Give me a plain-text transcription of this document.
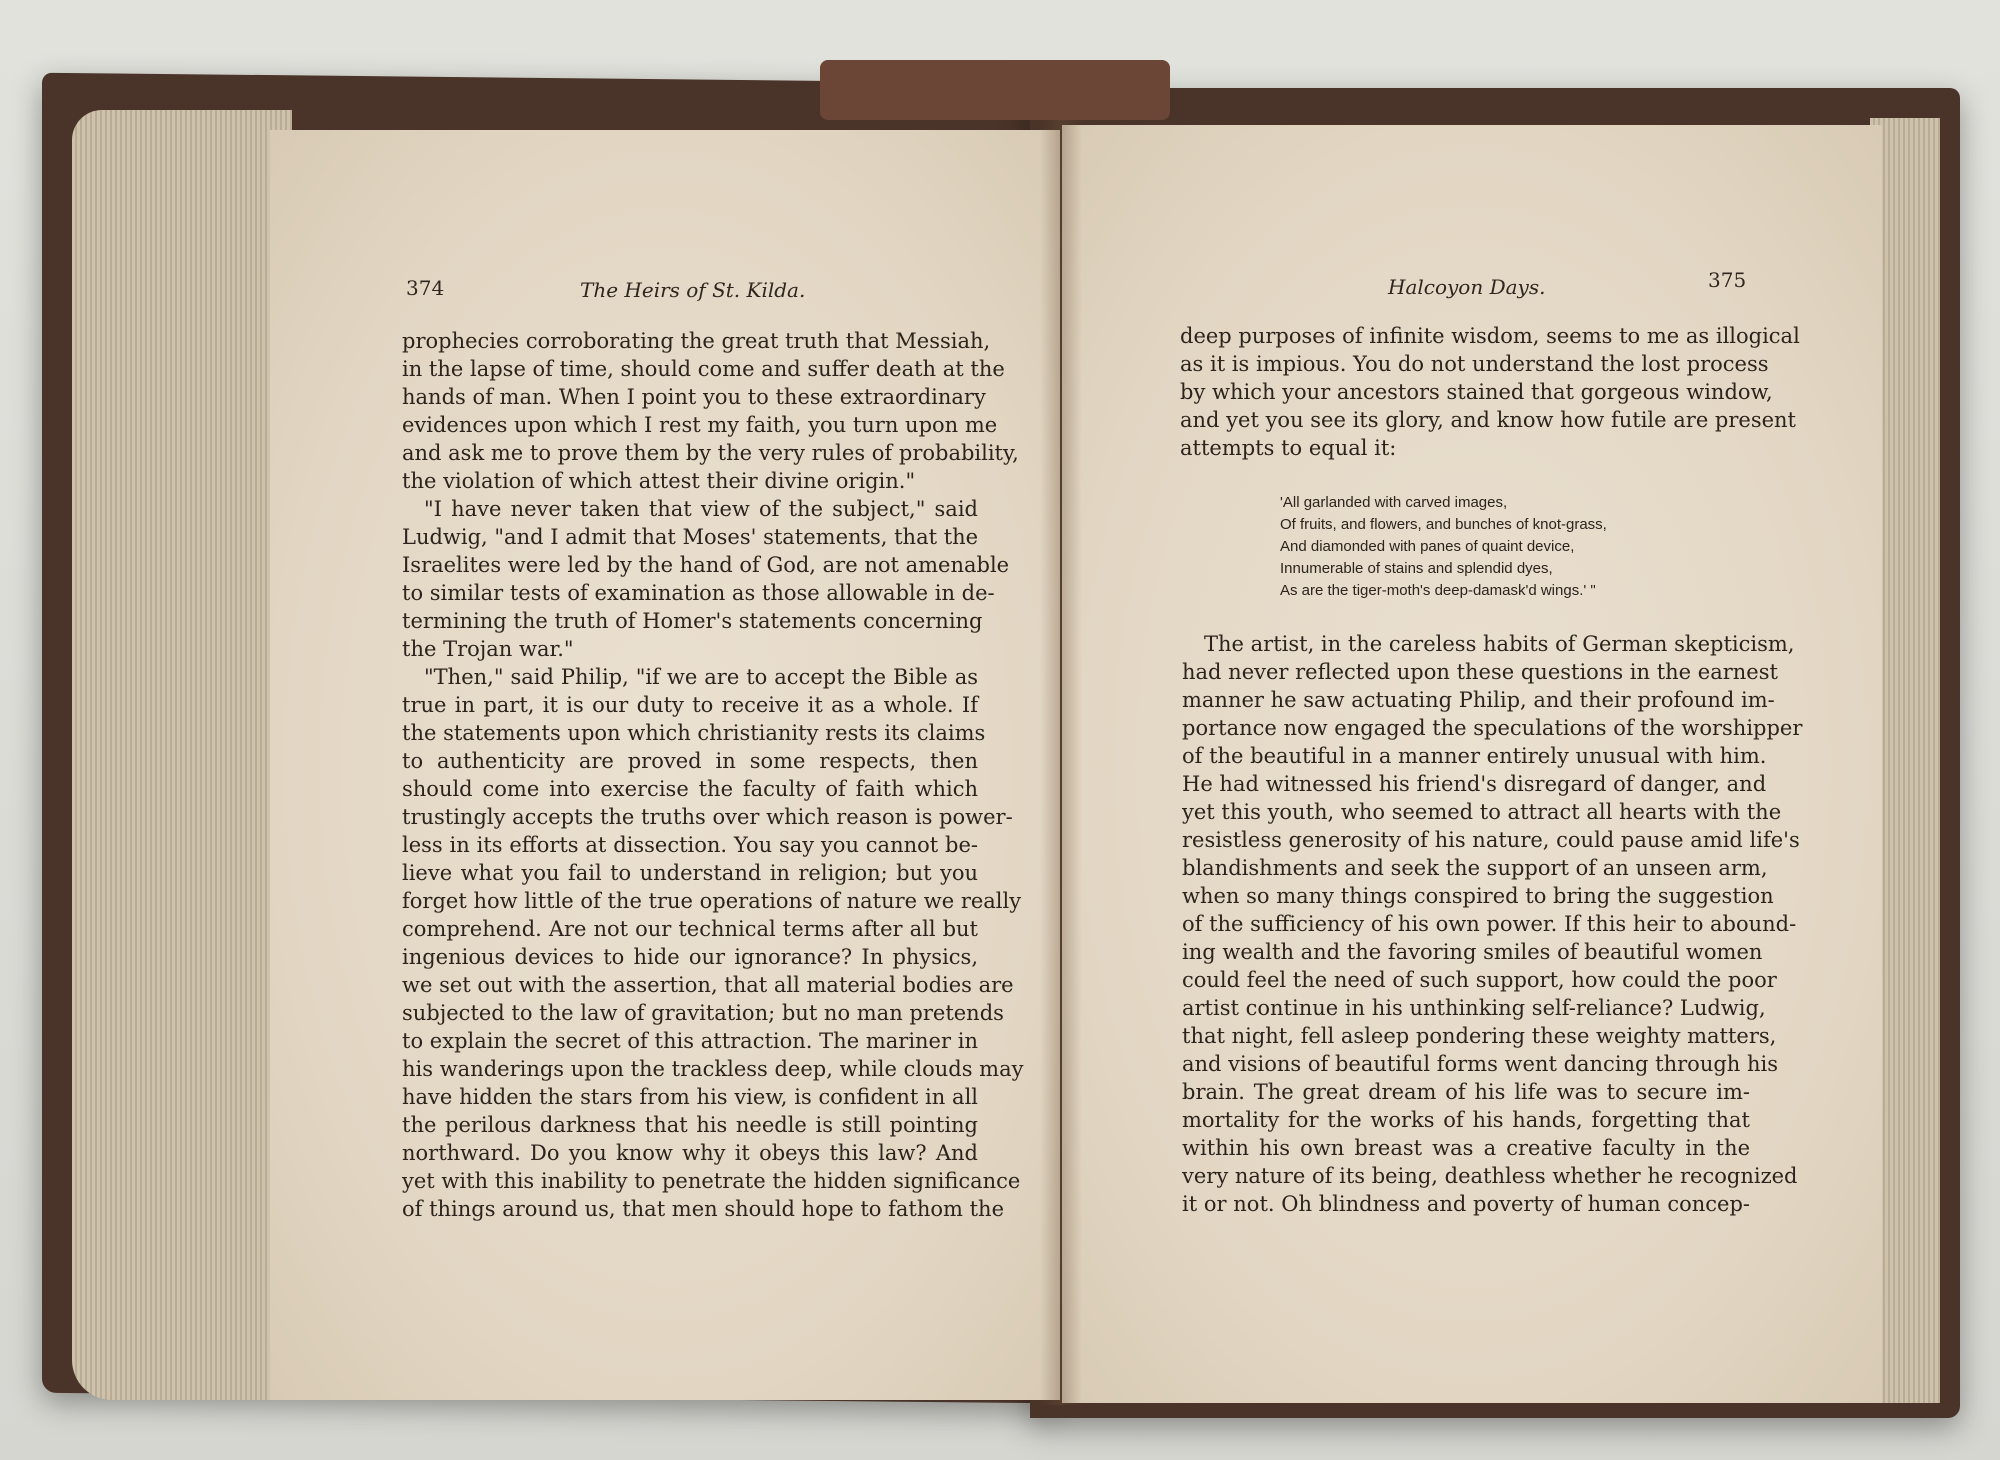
374	The Heirs of St. Kilda.
prophecies corroborating the great truth that Messiah,
in the lapse of time, should come and suffer death at the
hands of man. When I point you to these extraordinary
evidences upon which I rest my faith, you turn upon me
and ask me to prove them by the very rules of probability,
the violation of which attest their divine origin."
"I have never taken that view of the subject," said
Ludwig, "and I admit that Moses' statements, that the
Israelites were led by the hand of God, are not amenable
to similar tests of examination as those allowable in de-
termining the truth of Homer's statements concerning
the Trojan war."
"Then," said Philip, "if we are to accept the Bible as
true in part, it is our duty to receive it as a whole. If
the statements upon which christianity rests its claims
to authenticity are proved in some respects, then
should come into exercise the faculty of faith which
trustingly accepts the truths over which reason is power-
less in its efforts at dissection. You say you cannot be-
lieve what you fail to understand in religion; but you
forget how little of the true operations of nature we really
comprehend. Are not our technical terms after all but
ingenious devices to hide our ignorance? In physics,
we set out with the assertion, that all material bodies are
subjected to the law of gravitation; but no man pretends
to explain the secret of this attraction. The mariner in
his wanderings upon the trackless deep, while clouds may
have hidden the stars from his view, is confident in all
the perilous darkness that his needle is still pointing
northward. Do you know why it obeys this law? And
yet with this inability to penetrate the hidden significance
of things around us, that men should hope to fathom the
Halcoyon Days.	375
deep purposes of infinite wisdom, seems to me as illogical
as it is impious. You do not understand the lost process
by which your ancestors stained that gorgeous window,
and yet you see its glory, and know how futile are present
attempts to equal it:
'All garlanded with carved images,
Of fruits, and flowers, and bunches of knot-grass,
And diamonded with panes of quaint device,
Innumerable of stains and splendid dyes,
As are the tiger-moth's deep-damask'd wings.' "
The artist, in the careless habits of German skepticism,
had never reflected upon these questions in the earnest
manner he saw actuating Philip, and their profound im-
portance now engaged the speculations of the worshipper
of the beautiful in a manner entirely unusual with him.
He had witnessed his friend's disregard of danger, and
yet this youth, who seemed to attract all hearts with the
resistless generosity of his nature, could pause amid life's
blandishments and seek the support of an unseen arm,
when so many things conspired to bring the suggestion
of the sufficiency of his own power. If this heir to abound-
ing wealth and the favoring smiles of beautiful women
could feel the need of such support, how could the poor
artist continue in his unthinking self-reliance? Ludwig,
that night, fell asleep pondering these weighty matters,
and visions of beautiful forms went dancing through his
brain. The great dream of his life was to secure im-
mortality for the works of his hands, forgetting that
within his own breast was a creative faculty in the
very nature of its being, deathless whether he recognized
it or not. Oh blindness and poverty of human concep-
